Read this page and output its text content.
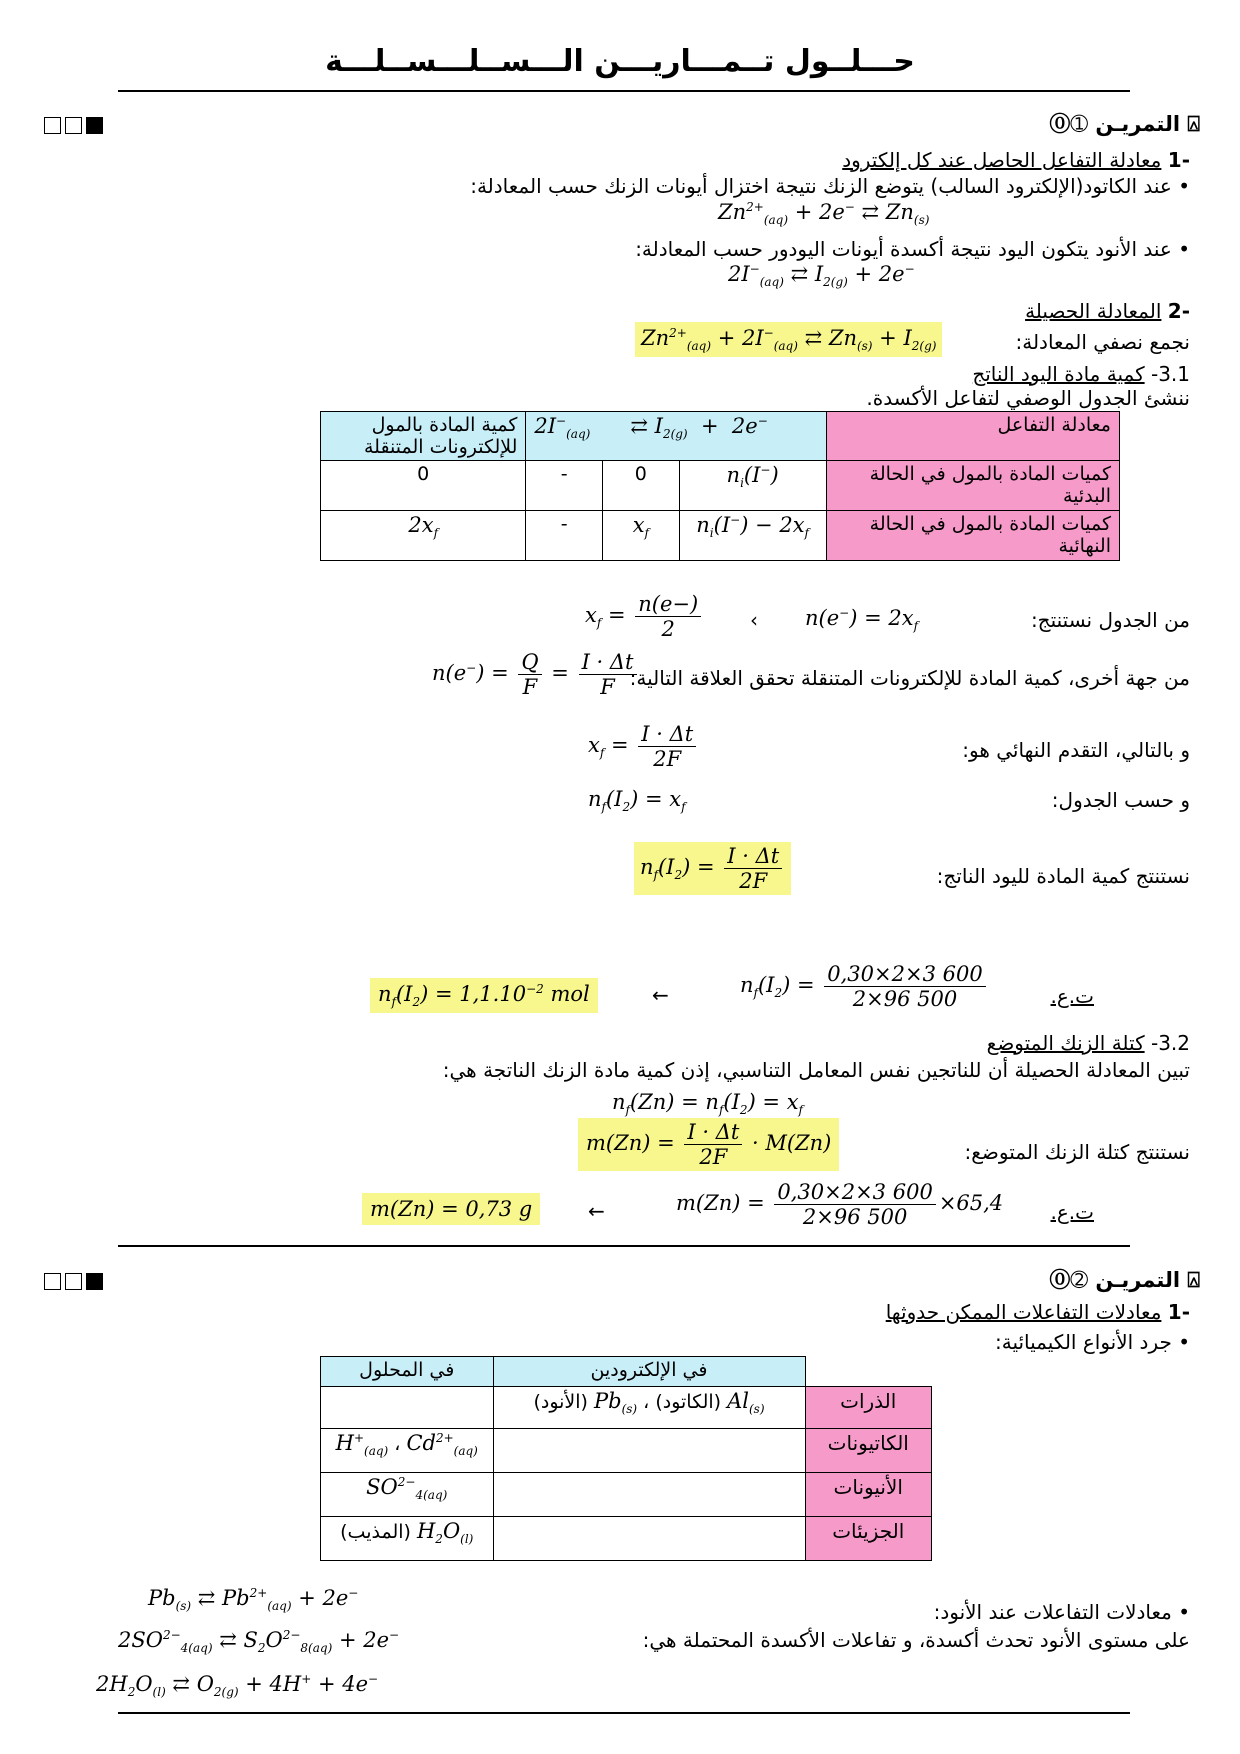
حـــلــول تــمـــاريـــن الـــســلـــســلـــة
⍓ التمريـن ➀⓪
-1 معادلة التفاعل الحاصل عند كل إلكترود
• عند الكاتود(الإلكترود السالب) يتوضع الزنك نتيجة اختزال أيونات الزنك حسب المعادلة:
$Zn^{2+}_{(aq)} + 2e^-$ ⇄ $Zn_{(s)}$
• عند الأنود يتكون اليود نتيجة أكسدة أيونات اليودور حسب المعادلة:
$2I^-_{(aq)}$ ⇄ $I_{2(g)} + 2e^-$
-2 المعادلة الحصيلة
نجمع نصفي المعادلة:
$Zn^{2+}_{(aq)} + 2I^-_{(aq)}$ ⇄ $Zn_{(s)} + I_{2(g)}$
3.1- كمية مادة اليود الناتج
ننشئ الجدول الوصفي لتفاعل الأكسدة.
معادلة التفاعل	$2I^-_{(aq)}$      ⇄ $I_{2(g)} + 2e^-$			كمية المادة بالمول للإلكترونات المتنقلة
كميات المادة بالمول في الحالة البدئية	$n_i(I^-)$	0	-	0
كميات المادة بالمول في الحالة النهائية	$n_i(I^-) - 2x_f$	$x_f$	-	$2x_f$
من الجدول نستنتج:
$x_f = \frac{n(e-)}{2}$ ‹ $n(e^-) = 2x_f$
من جهة أخرى، كمية المادة للإلكترونات المتنقلة تحقق العلاقة التالية:
$n(e^-) = \frac{Q}{F} = \frac{I \cdot \Delta t}{F}$
و بالتالي، التقدم النهائي هو:
$x_f = \frac{I \cdot \Delta t}{2F}$
و حسب الجدول:
$n_f(I_2) = x_f$
نستنتج كمية المادة لليود الناتج:
$n_f(I_2) = \frac{I \cdot \Delta t}{2F}$
ت.ع.
$n_f(I_2) = \frac{0,30\times 2\times 3 600}{2\times 96 500}$
←
$n_f(I_2) = 1,1.10^{-2}$ mol
3.2- كتلة الزنك المتوضع
تبين المعادلة الحصيلة أن للناتجين نفس المعامل التناسبي، إذن كمية مادة الزنك الناتجة هي:
$n_f(Zn) = n_f(I_2) = x_f$
نستنتج كتلة الزنك المتوضع:
$m(Zn) = \frac{I \cdot \Delta t}{2F} \cdot M(Zn)$
ت.ع.
$m(Zn) = \frac{0,30\times 2\times 3 600}{2\times 96 500} \times 65,4$
←
m(Zn) = 0,73 g
⍓ التمريـن ➁⓪
-1 معادلات التفاعلات الممكن حدوثها
• جرد الأنواع الكيميائية:
	في الإلكترودين	في المحلول
الذرات	$Al_{(s)}$ (الكاتود) ، $Pb_{(s)}$ (الأنود)	
الكاتيونات		$H^+_{(aq)}$ ، $Cd^{2+}_{(aq)}$
الأنيونات		$SO^{2-}_{4(aq)}$
الجزيئات		$H_2O_{(l)}$ (المذيب)
• معادلات التفاعلات عند الأنود:
على مستوى الأنود تحدث أكسدة، و تفاعلات الأكسدة المحتملة هي:
$Pb_{(s)}$ ⇄ $Pb^{2+}_{(aq)} + 2e^-$
$2SO^{2-}_{4(aq)}$ ⇄ $S_2O^{2-}_{8(aq)} + 2e^-$
$2H_2O_{(l)}$ ⇄ $O_{2(g)} + 4H^+ + 4e^-$
